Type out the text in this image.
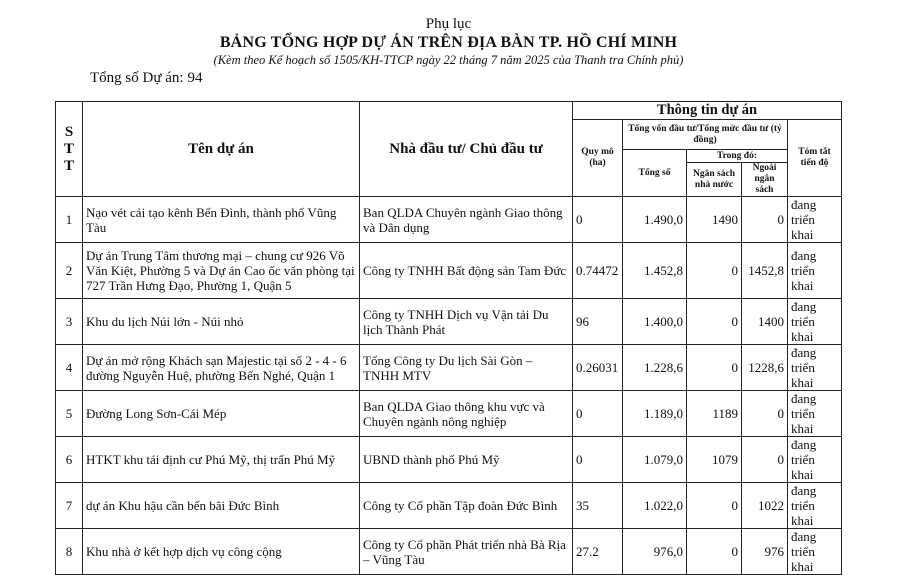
Phụ lục
BẢNG TỔNG HỢP DỰ ÁN TRÊN ĐỊA BÀN TP. HỒ CHÍ MINH
(Kèm theo Kế hoạch số 1505/KH-TTCP ngày 22 tháng 7 năm 2025 của Thanh tra Chính phủ)
Tổng số Dự án: 94
STT	Tên dự án	Nhà đầu tư/ Chủ đầu tư	Thông tin dự án				
			Quy mô (ha)	Tổng vốn đầu tư/Tổng mức đầu tư (tỷ đồng)			Tóm tắt tiến độ
				Tổng số	Trong đó:		
					Ngân sách nhà nước	Ngoài ngân sách	
1	Nạo vét cải tạo kênh Bến Đình, thành phố Vũng Tàu	Ban QLDA Chuyên ngành Giao thông và Dân dụng	0	1.490,0	1490	0	đang triển khai
2	Dự án Trung Tâm thương mại – chung cư 926 Võ Văn Kiệt, Phường 5 và Dự án Cao ốc văn phòng tại 727 Trần Hưng Đạo, Phường 1, Quận 5	Công ty TNHH Bất động sản Tam Đức	0.74472	1.452,8	0	1452,8	đang triển khai
3	Khu du lịch Núi lớn - Núi nhỏ	Công ty TNHH Dịch vụ Vận tải Du lịch Thành Phát	96	1.400,0	0	1400	đang triển khai
4	Dự án mở rộng Khách sạn Majestic tại số 2 - 4 - 6 đường Nguyễn Huệ, phường Bến Nghé, Quận 1	Tổng Công ty Du lịch Sài Gòn – TNHH MTV	0.26031	1.228,6	0	1228,6	đang triển khai
5	Đường Long Sơn-Cái Mép	Ban QLDA Giao thông khu vực và Chuyên ngành nông nghiệp	0	1.189,0	1189	0	đang triển khai
6	HTKT khu tái định cư Phú Mỹ, thị trấn Phú Mỹ	UBND thành phố Phú Mỹ	0	1.079,0	1079	0	đang triển khai
7	dự án Khu hậu cần bến bãi Đức Bình	Công ty Cổ phần Tập đoàn Đức Bình	35	1.022,0	0	1022	đang triển khai
8	Khu nhà ở kết hợp dịch vụ công cộng	Công ty Cổ phần Phát triển nhà Bà Rịa – Vũng Tàu	27.2	976,0	0	976	đang triển khai
